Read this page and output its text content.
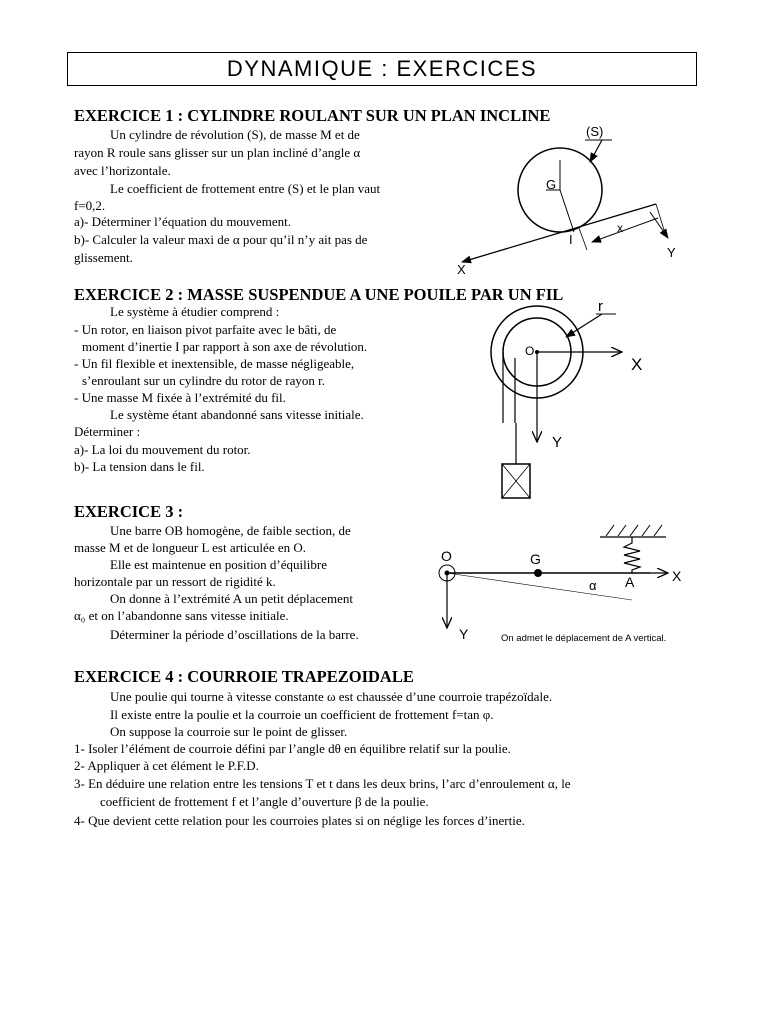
DYNAMIQUE : EXERCICES
EXERCICE 1 : CYLINDRE ROULANT SUR UN PLAN INCLINE
Un cylindre de révolution (S), de masse M et de
rayon R roule sans glisser sur un plan incliné d’angle α
avec l’horizontale.
Le coefficient de frottement entre (S) et le plan vaut
f=0,2.
a)- Déterminer l’équation du mouvement.
b)- Calculer la valeur maxi de α pour qu’il n’y ait pas de
glissement.
(S)
G
I
x
Y
X
EXERCICE 2 : MASSE SUSPENDUE A UNE POUILE PAR UN FIL
Le système à étudier comprend :
- Un rotor, en liaison pivot parfaite avec le bâti, de
moment d’inertie I par rapport à son axe de révolution.
- Un fil flexible et inextensible, de masse négligeable,
s’enroulant sur un cylindre du rotor de rayon r.
- Une masse M fixée à l’extrémité du fil.
Le système étant abandonné sans vitesse initiale.
Déterminer :
a)- La loi du mouvement du rotor.
b)- La tension dans le fil.
r
O
X
Y
EXERCICE 3 :
Une barre OB homogène, de faible section, de
masse M et de longueur L est articulée en O.
Elle est maintenue en position d’équilibre
horizontale par un ressort de rigidité k.
On donne à l’extrémité A un petit déplacement
α₀ et on l’abandonne sans vitesse initiale.
Déterminer la période d’oscillations de la barre.
O	G
A
α
X
Y	On admet le déplacement de A vertical.
EXERCICE 4 : COURROIE TRAPEZOIDALE
Une poulie qui tourne à vitesse constante ω est chaussée d’une courroie trapézoïdale.
Il existe entre la poulie et la courroie un coefficient de frottement f=tan φ.
On suppose la courroie sur le point de glisser.
1- Isoler l’élément de courroie défini par l’angle dθ en équilibre relatif sur la poulie.
2- Appliquer à cet élément le P.F.D.
3- En déduire une relation entre les tensions T et t dans les deux brins, l’arc d’enroulement α, le
coefficient de frottement f et l’angle d’ouverture β de la poulie.
4- Que devient cette relation pour les courroies plates si on néglige les forces d’inertie.
